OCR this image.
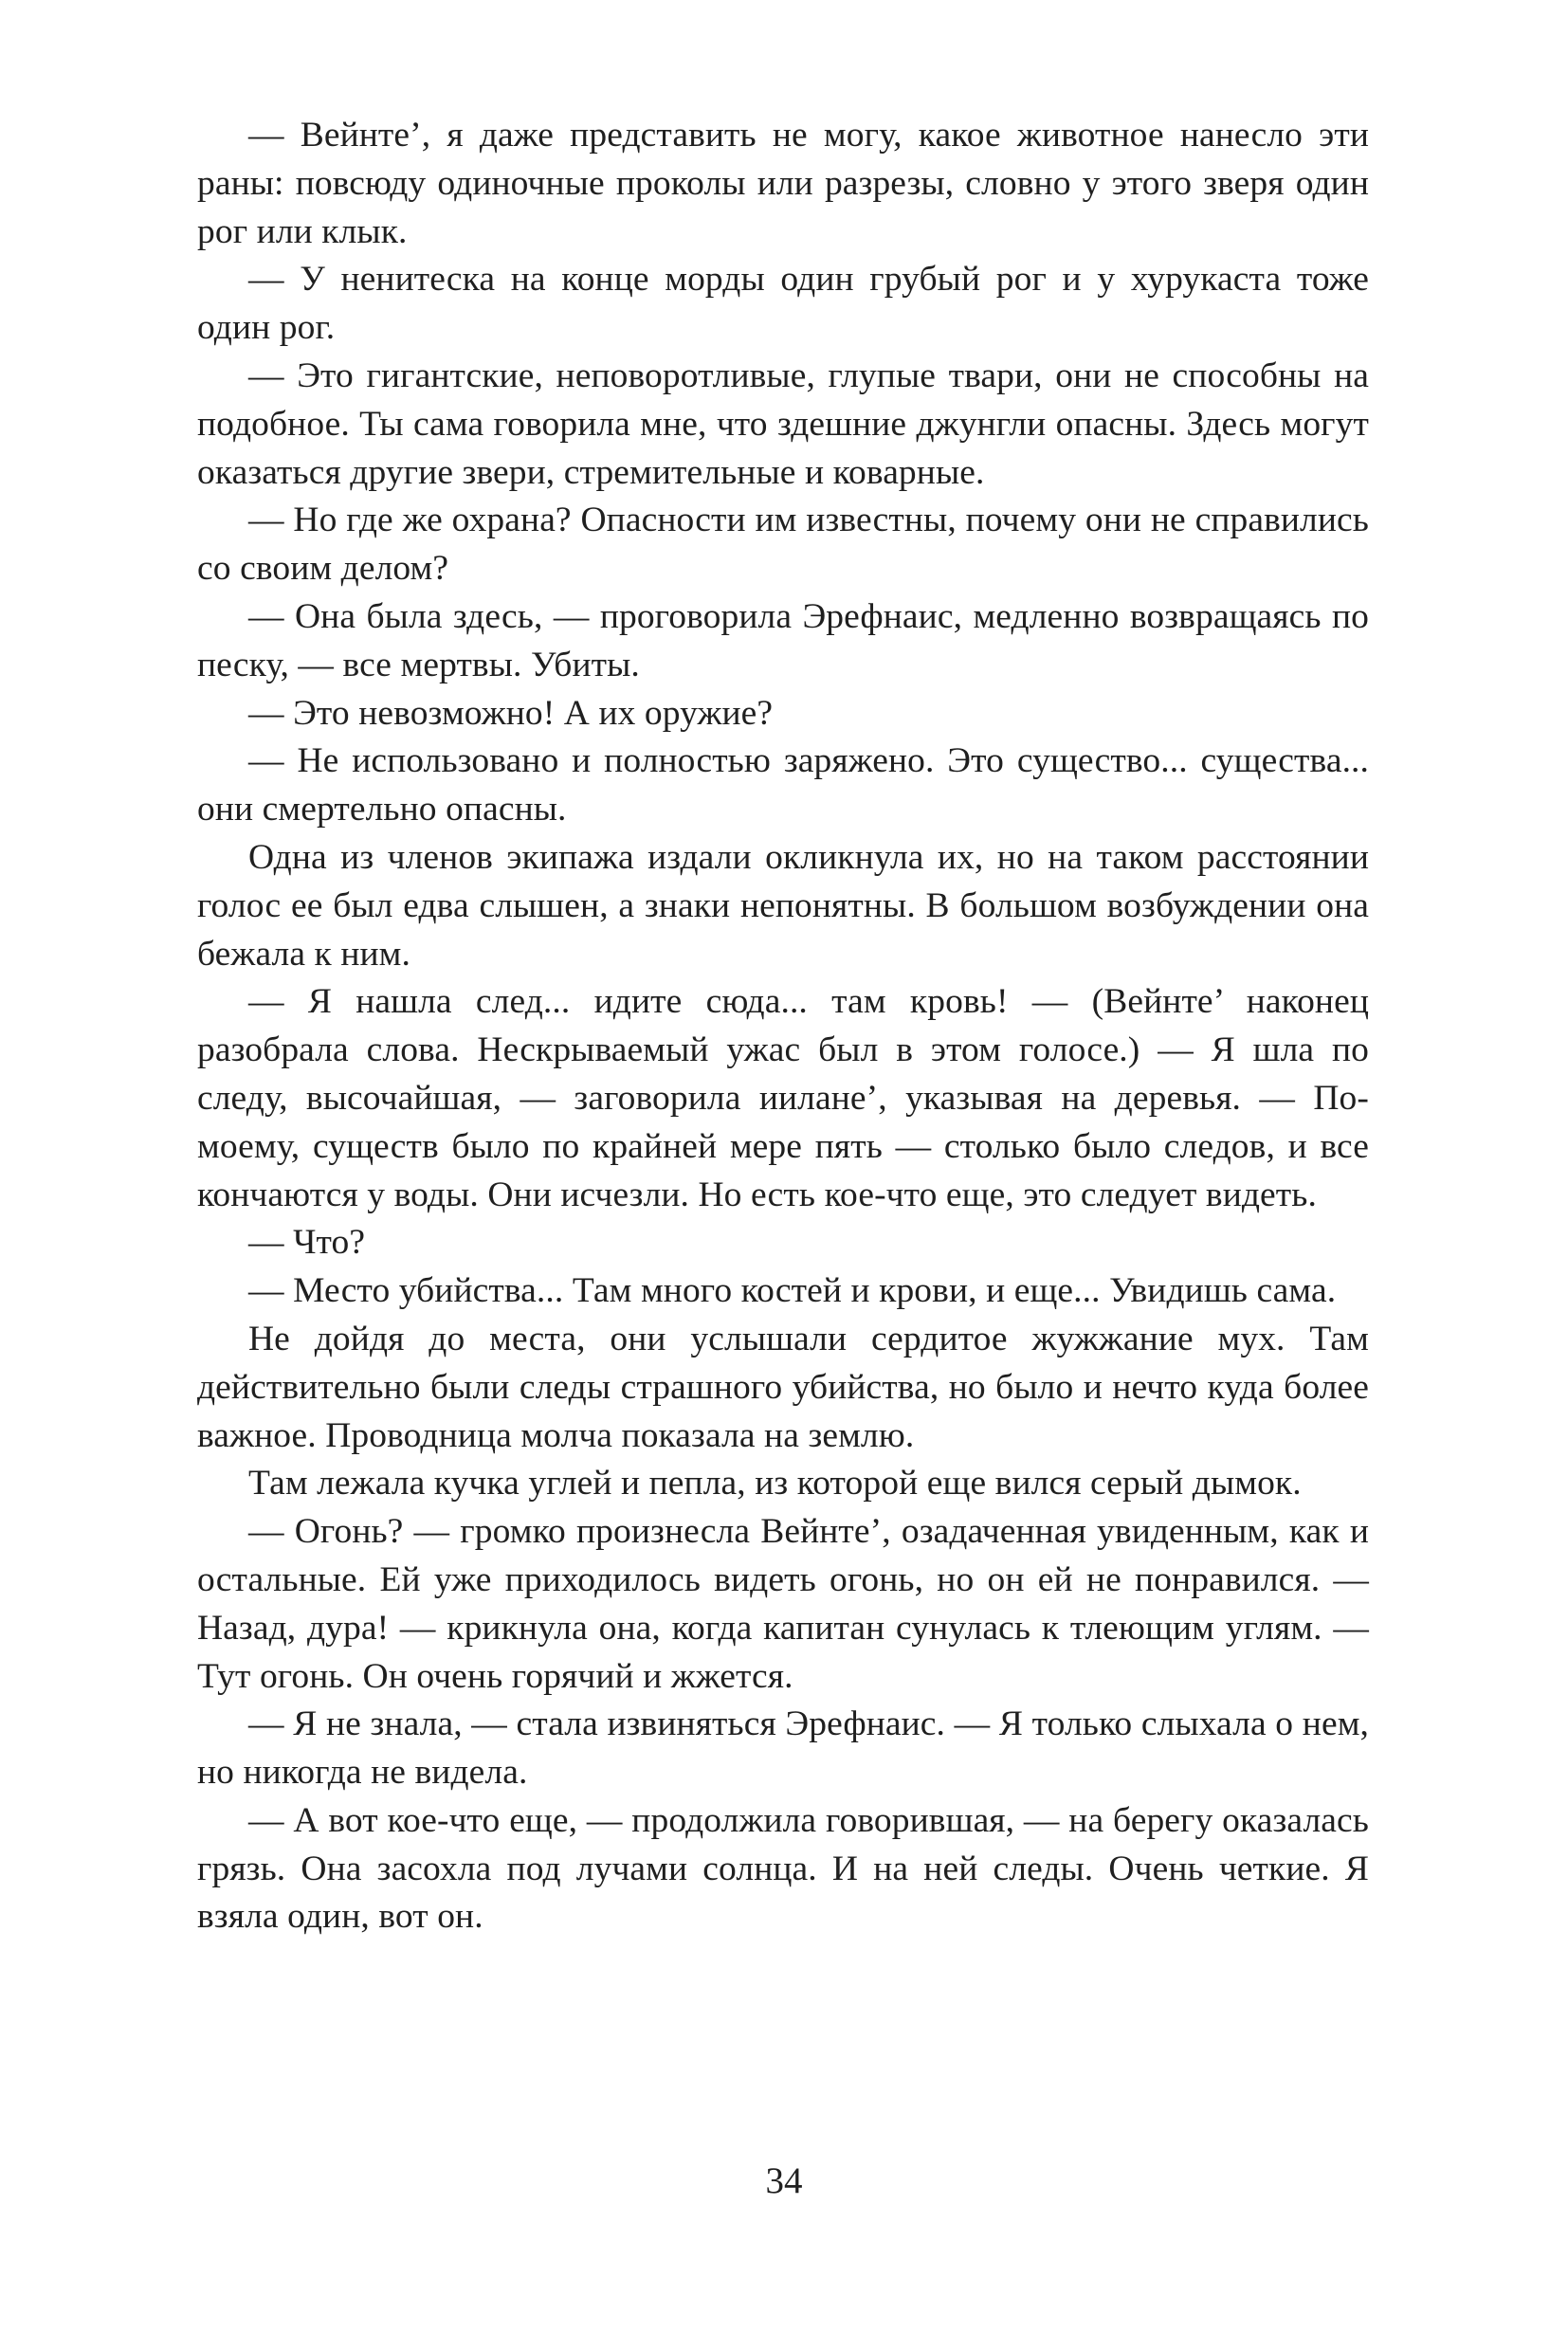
— Вейнте’, я даже представить не могу, какое животное нанесло эти раны: повсюду одиночные проколы или разрезы, словно у этого зверя один рог или клык.

— У ненитеска на конце морды один грубый рог и у хурукаста тоже один рог.

— Это гигантские, неповоротливые, глупые твари, они не способны на подобное. Ты сама говорила мне, что здешние джунгли опасны. Здесь могут оказаться другие звери, стремительные и коварные.

— Но где же охрана? Опасности им известны, почему они не справились со своим делом?

— Она была здесь, — проговорила Эрефнаис, медленно возвращаясь по песку, — все мертвы. Убиты.

— Это невозможно! А их оружие?

— Не использовано и полностью заряжено. Это существо... существа... они смертельно опасны.

Одна из членов экипажа издали окликнула их, но на таком расстоянии голос ее был едва слышен, а знаки непонятны. В большом возбуждении она бежала к ним.

— Я нашла след... идите сюда... там кровь! — (Вейнте’ наконец разобрала слова. Нескрываемый ужас был в этом голосе.) — Я шла по следу, высочайшая, — заговорила иилане’, указывая на деревья. — По-моему, существ было по крайней мере пять — столько было следов, и все кончаются у воды. Они исчезли. Но есть кое-что еще, это следует видеть.

— Что?

— Место убийства... Там много костей и крови, и еще... Увидишь сама.

Не дойдя до места, они услышали сердитое жужжание мух. Там действительно были следы страшного убийства, но было и нечто куда более важное. Проводница молча показала на землю.

Там лежала кучка углей и пепла, из которой еще вился серый дымок.

— Огонь? — громко произнесла Вейнте’, озадаченная увиденным, как и остальные. Ей уже приходилось видеть огонь, но он ей не понравился. — Назад, дура! — крикнула она, когда капитан сунулась к тлеющим углям. — Тут огонь. Он очень горячий и жжется.

— Я не знала, — стала извиняться Эрефнаис. — Я только слыхала о нем, но никогда не видела.

— А вот кое-что еще, — продолжила говорившая, — на берегу оказалась грязь. Она засохла под лучами солнца. И на ней следы. Очень четкие. Я взяла один, вот он.

34
